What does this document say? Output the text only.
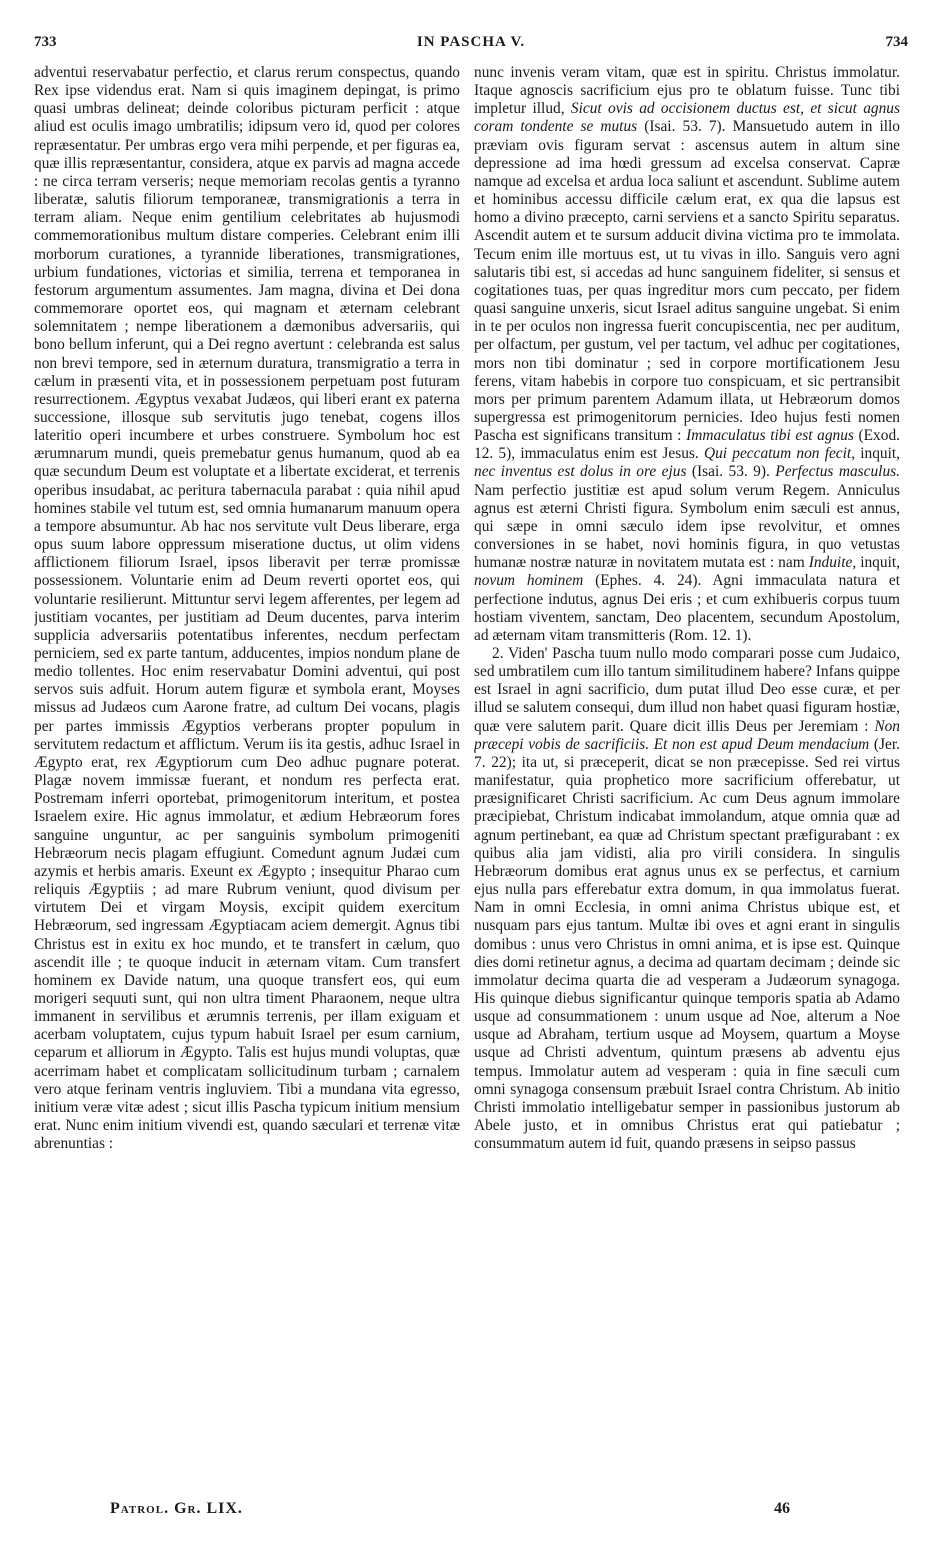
733	IN PASCHA V.	734

adventui reservabatur perfectio, et clarus rerum conspectus, quando Rex ipse videndus erat. Nam si quis imaginem depingat, is primo quasi umbras delineat; deinde coloribus picturam perficit : atque aliud est oculis imago umbratilis; idipsum vero id, quod per colores repræsentatur. Per umbras ergo vera mihi perpende, et per figuras ea, quæ illis repræsentantur, considera, atque ex parvis ad magna accede : ne circa terram verseris; neque memoriam recolas gentis a tyranno liberatæ, salutis filiorum temporaneæ, transmigrationis a terra in terram aliam. Neque enim gentilium celebritates ab hujusmodi commemorationibus multum distare comperies. Celebrant enim illi morborum curationes, a tyrannide liberationes, transmigrationes, urbium fundationes, victorias et similia, terrena et temporanea in festorum argumentum assumentes. Jam magna, divina et Dei dona commemorare oportet eos, qui magnam et æternam celebrant solemnitatem ; nempe liberationem a dæmonibus adversariis, qui bono bellum inferunt, qui a Dei regno avertunt : celebranda est salus non brevi tempore, sed in æternum duratura, transmigratio a terra in cælum in præsenti vita, et in possessionem perpetuam post futuram resurrectionem. Ægyptus vexabat Judæos, qui liberi erant ex paterna successione, illosque sub servitutis jugo tenebat, cogens illos lateritio operi incumbere et urbes construere. Symbolum hoc est ærumnarum mundi, queis premebatur genus humanum, quod ab ea quæ secundum Deum est voluptate et a libertate exciderat, et terrenis operibus insudabat, ac peritura tabernacula parabat : quia nihil apud homines stabile vel tutum est, sed omnia humanarum manuum opera a tempore absumuntur. Ab hac nos servitute vult Deus liberare, erga opus suum labore oppressum miseratione ductus, ut olim videns afflictionem filiorum Israel, ipsos liberavit per terræ promissæ possessionem. Voluntarie enim ad Deum reverti oportet eos, qui voluntarie resilierunt. Mittuntur servi legem afferentes, per legem ad justitiam vocantes, per justitiam ad Deum ducentes, parva interim supplicia adversariis potentatibus inferentes, necdum perfectam perniciem, sed ex parte tantum, adducentes, impios nondum plane de medio tollentes. Hoc enim reservabatur Domini adventui, qui post servos suis adfuit. Horum autem figuræ et symbola erant, Moyses missus ad Judæos cum Aarone fratre, ad cultum Dei vocans, plagis per partes immissis Ægyptios verberans propter populum in servitutem redactum et afflictum. Verum iis ita gestis, adhuc Israel in Ægypto erat, rex Ægyptiorum cum Deo adhuc pugnare poterat. Plagæ novem immissæ fuerant, et nondum res perfecta erat. Postremam inferri oportebat, primogenitorum interitum, et postea Israelem exire. Hic agnus immolatur, et ædium Hebræorum fores sanguine unguntur, ac per sanguinis symbolum primogeniti Hebræorum necis plagam effugiunt. Comedunt agnum Judæi cum azymis et herbis amaris. Exeunt ex Ægypto ; insequitur Pharao cum reliquis Ægyptiis ; ad mare Rubrum veniunt, quod divisum per virtutem Dei et virgam Moysis, excipit quidem exercitum Hebræorum, sed ingressam Ægyptiacam aciem demergit. Agnus tibi Christus est in exitu ex hoc mundo, et te transfert in cælum, quo ascendit ille ; te quoque inducit in æternam vitam. Cum transfert hominem ex Davide natum, una quoque transfert eos, qui eum morigeri sequuti sunt, qui non ultra timent Pharaonem, neque ultra immanent in servilibus et ærumnis terrenis, per illam exiguam et acerbam voluptatem, cujus typum habuit Israel per esum carnium, ceparum et alliorum in Ægypto. Talis est hujus mundi voluptas, quæ acerrimam habet et complicatam sollicitudinum turbam ; carnalem vero atque ferinam ventris ingluviem. Tibi a mundana vita egresso, initium veræ vitæ adest ; sicut illis Pascha typicum initium mensium erat. Nunc enim initium vivendi est, quando sæculari et terrenæ vitæ abrenuntias :

nunc invenis veram vitam, quæ est in spiritu. Christus immolatur. Itaque agnoscis sacrificium ejus pro te oblatum fuisse. Tunc tibi impletur illud, Sicut ovis ad occisionem ductus est, et sicut agnus coram tondente se mutus (Isai. 53. 7). Mansuetudo autem in illo præviam ovis figuram servat : ascensus autem in altum sine depressione ad ima hœdi gressum ad excelsa conservat. Capræ namque ad excelsa et ardua loca saliunt et ascendunt. Sublime autem et hominibus accessu difficile cælum erat, ex qua die lapsus est homo a divino præcepto, carni serviens et a sancto Spiritu separatus. Ascendit autem et te sursum adducit divina victima pro te immolata. Tecum enim ille mortuus est, ut tu vivas in illo. Sanguis vero agni salutaris tibi est, si accedas ad hunc sanguinem fideliter, si sensus et cogitationes tuas, per quas ingreditur mors cum peccato, per fidem quasi sanguine unxeris, sicut Israel aditus sanguine ungebat. Si enim in te per oculos non ingressa fuerit concupiscentia, nec per auditum, per olfactum, per gustum, vel per tactum, vel adhuc per cogitationes, mors non tibi dominatur ; sed in corpore mortificationem Jesu ferens, vitam habebis in corpore tuo conspicuam, et sic pertransibit mors per primum parentem Adamum illata, ut Hebræorum domos supergressa est primogenitorum pernicies. Ideo hujus festi nomen Pascha est significans transitum : Immaculatus tibi est agnus (Exod. 12. 5), immaculatus enim est Jesus. Qui peccatum non fecit, inquit, nec inventus est dolus in ore ejus (Isai. 53. 9). Perfectus masculus. Nam perfectio justitiæ est apud solum verum Regem. Anniculus agnus est æterni Christi figura. Symbolum enim sæculi est annus, qui sæpe in omni sæculo idem ipse revolvitur, et omnes conversiones in se habet, novi hominis figura, in quo vetustas humanæ nostræ naturæ in novitatem mutata est : nam Induite, inquit, novum hominem (Ephes. 4. 24). Agni immaculata natura et perfectione indutus, agnus Dei eris ; et cum exhibueris corpus tuum hostiam viventem, sanctam, Deo placentem, secundum Apostolum, ad æternam vitam transmitteris (Rom. 12. 1).

2. Viden' Pascha tuum nullo modo comparari posse cum Judaico, sed umbratilem cum illo tantum similitudinem habere? Infans quippe est Israel in agni sacrificio, dum putat illud Deo esse curæ, et per illud se salutem consequi, dum illud non habet quasi figuram hostiæ, quæ vere salutem parit. Quare dicit illis Deus per Jeremiam : Non præcepi vobis de sacrificiis. Et non est apud Deum mendacium (Jer. 7. 22); ita ut, si præceperit, dicat se non præcepisse. Sed rei virtus manifestatur, quia prophetico more sacrificium offerebatur, ut præsignificaret Christi sacrificium. Ac cum Deus agnum immolare præcipiebat, Christum indicabat immolandum, atque omnia quæ ad agnum pertinebant, ea quæ ad Christum spectant præfigurabant : ex quibus alia jam vidisti, alia pro virili considera. In singulis Hebræorum domibus erat agnus unus ex se perfectus, et carnium ejus nulla pars efferebatur extra domum, in qua immolatus fuerat. Nam in omni Ecclesia, in omni anima Christus ubique est, et nusquam pars ejus tantum. Multæ ibi oves et agni erant in singulis domibus : unus vero Christus in omni anima, et is ipse est. Quinque dies domi retinetur agnus, a decima ad quartam decimam ; deinde sic immolatur decima quarta die ad vesperam a Judæorum synagoga. His quinque diebus significantur quinque temporis spatia ab Adamo usque ad consummationem : unum usque ad Noe, alterum a Noe usque ad Abraham, tertium usque ad Moysem, quartum a Moyse usque ad Christi adventum, quintum præsens ab adventu ejus tempus. Immolatur autem ad vesperam : quia in fine sæculi cum omni synagoga consensum præbuit Israel contra Christum. Ab initio Christi immolatio intelligebatur semper in passionibus justorum ab Abele justo, et in omnibus Christus erat qui patiebatur ; consummatum autem id fuit, quando præsens in seipso passus

Patrol. Gr. LIX.	46
